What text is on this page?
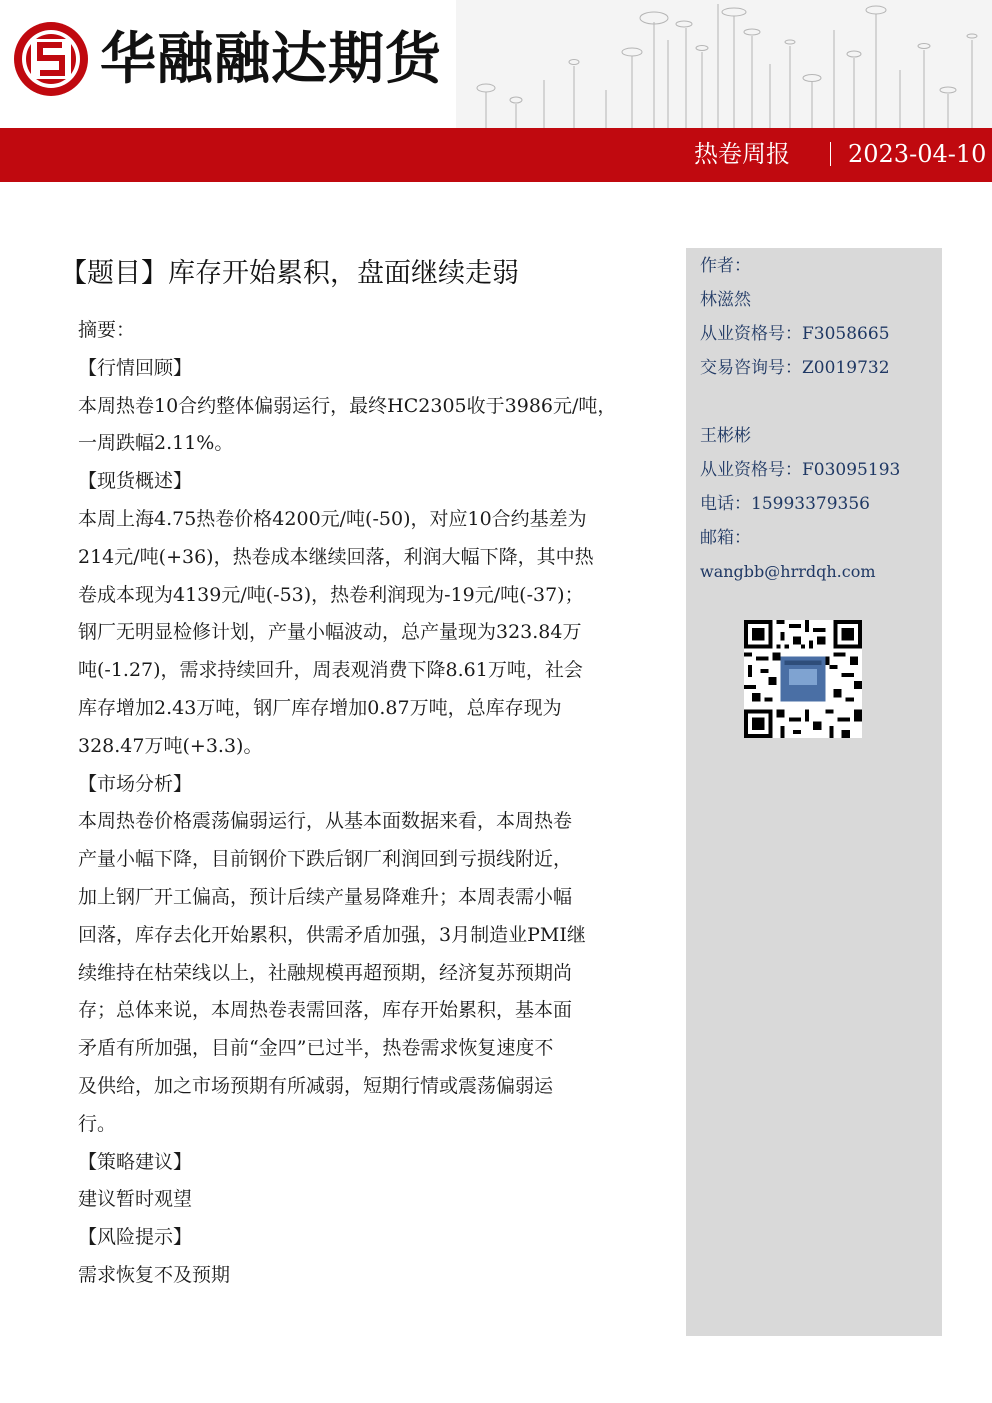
华融融达期货
热卷周报 2023-04-10
【题目】库存开始累积，盘面继续走弱
摘要：
【行情回顾】
本周热卷10合约整体偏弱运行，最终HC2305收于3986元/吨，
一周跌幅2.11%。
【现货概述】
本周上海4.75热卷价格4200元/吨(-50)，对应10合约基差为
214元/吨(+36)，热卷成本继续回落，利润大幅下降，其中热
卷成本现为4139元/吨(-53)，热卷利润现为-19元/吨(-37)；
钢厂无明显检修计划，产量小幅波动，总产量现为323.84万
吨(-1.27)，需求持续回升，周表观消费下降8.61万吨，社会
库存增加2.43万吨，钢厂库存增加0.87万吨，总库存现为
328.47万吨(+3.3)。
【市场分析】
本周热卷价格震荡偏弱运行，从基本面数据来看，本周热卷
产量小幅下降，目前钢价下跌后钢厂利润回到亏损线附近，
加上钢厂开工偏高，预计后续产量易降难升；本周表需小幅
回落，库存去化开始累积，供需矛盾加强，3月制造业PMI继
续维持在枯荣线以上，社融规模再超预期，经济复苏预期尚
存；总体来说，本周热卷表需回落，库存开始累积，基本面
矛盾有所加强，目前“金四”已过半，热卷需求恢复速度不
及供给，加之市场预期有所减弱，短期行情或震荡偏弱运
行。
【策略建议】
建议暂时观望
【风险提示】
需求恢复不及预期
作者：
林滋然
从业资格号：F3058665
交易咨询号：Z0019732
王彬彬
从业资格号：F03095193
电话：15993379356
邮箱：
wangbb@hrrdqh.com
